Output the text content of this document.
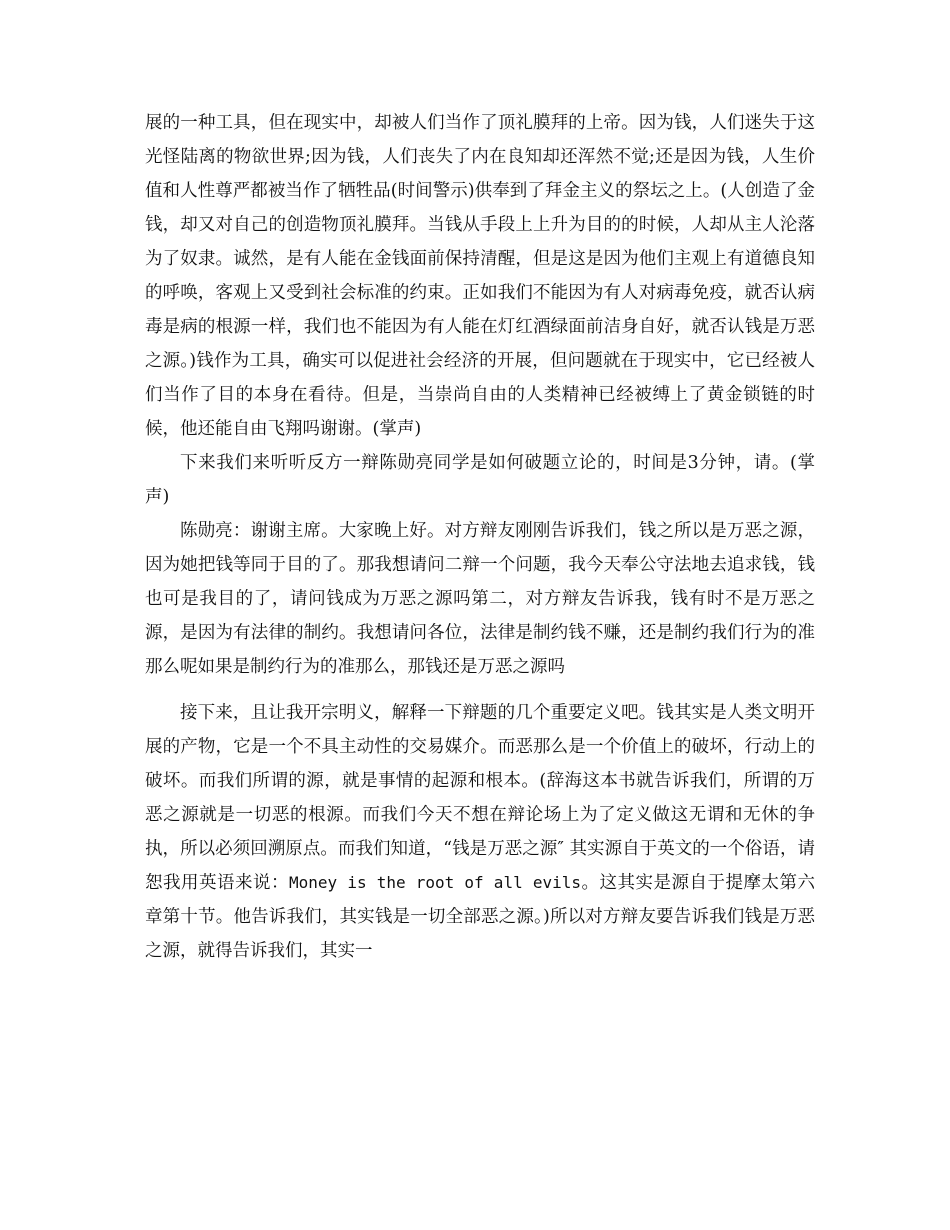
展的一种工具，但在现实中，却被人们当作了顶礼膜拜的上帝。因为钱，人们迷失于这光怪陆离的物欲世界;因为钱，人们丧失了内在良知却还浑然不觉;还是因为钱，人生价值和人性尊严都被当作了牺牲品(时间警示)供奉到了拜金主义的祭坛之上。(人创造了金钱，却又对自己的创造物顶礼膜拜。当钱从手段上上升为目的的时候，人却从主人沦落为了奴隶。诚然，是有人能在金钱面前保持清醒，但是这是因为他们主观上有道德良知的呼唤，客观上又受到社会标准的约束。正如我们不能因为有人对病毒免疫，就否认病毒是病的根源一样，我们也不能因为有人能在灯红酒绿面前洁身自好，就否认钱是万恶之源。)钱作为工具，确实可以促进社会经济的开展，但问题就在于现实中，它已经被人们当作了目的本身在看待。但是，当崇尚自由的人类精神已经被缚上了黄金锁链的时候，他还能自由飞翔吗谢谢。(掌声)

下来我们来听听反方一辩陈勋亮同学是如何破题立论的，时间是3分钟，请。(掌声)

陈勋亮：谢谢主席。大家晚上好。对方辩友刚刚告诉我们，钱之所以是万恶之源，因为她把钱等同于目的了。那我想请问二辩一个问题，我今天奉公守法地去追求钱，钱也可是我目的了，请问钱成为万恶之源吗第二，对方辩友告诉我，钱有时不是万恶之源，是因为有法律的制约。我想请问各位，法律是制约钱不赚，还是制约我们行为的准那么呢如果是制约行为的准那么，那钱还是万恶之源吗

接下来，且让我开宗明义，解释一下辩题的几个重要定义吧。钱其实是人类文明开展的产物，它是一个不具主动性的交易媒介。而恶那么是一个价值上的破坏，行动上的破坏。而我们所谓的源，就是事情的起源和根本。(辞海这本书就告诉我们，所谓的万恶之源就是一切恶的根源。而我们今天不想在辩论场上为了定义做这无谓和无休的争执，所以必须回溯原点。而我们知道，“钱是万恶之源″ 其实源自于英文的一个俗语，请恕我用英语来说：Money is the root of all evils。这其实是源自于提摩太第六章第十节。他告诉我们，其实钱是一切全部恶之源。)所以对方辩友要告诉我们钱是万恶之源，就得告诉我们，其实一
